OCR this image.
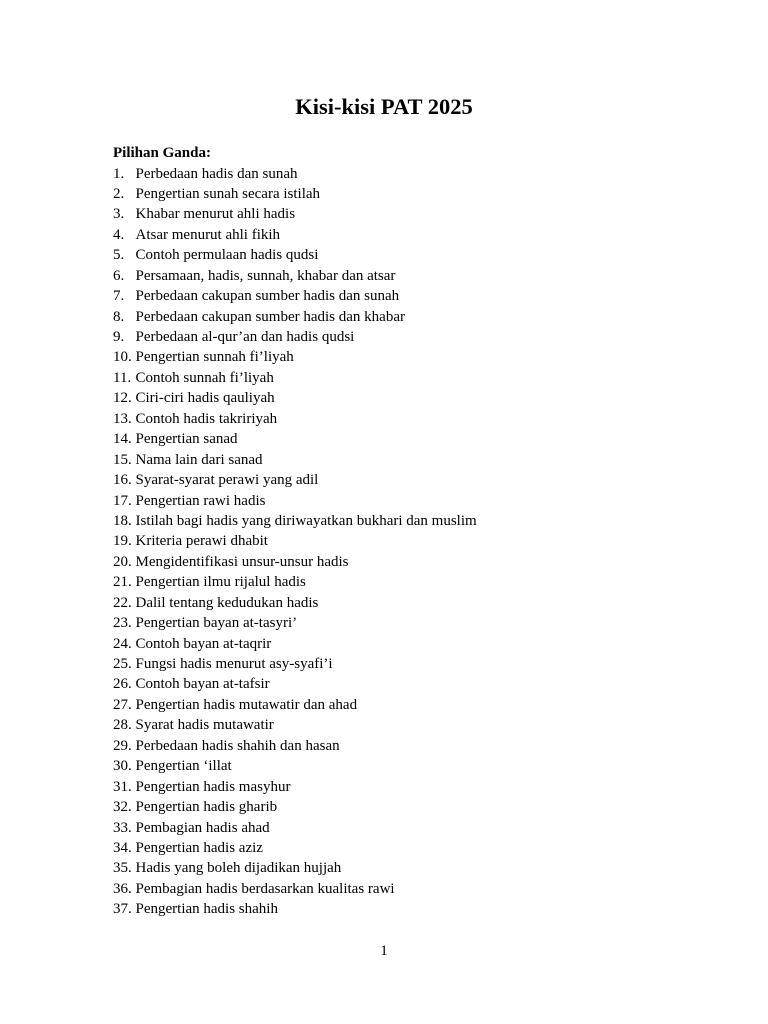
Kisi-kisi PAT 2025

Pilihan Ganda:

1. Perbedaan hadis dan sunah
2. Pengertian sunah secara istilah
3. Khabar menurut ahli hadis
4. Atsar menurut ahli fikih
5. Contoh permulaan hadis qudsi
6. Persamaan, hadis, sunnah, khabar dan atsar
7. Perbedaan cakupan sumber hadis dan sunah
8. Perbedaan cakupan sumber hadis dan khabar
9. Perbedaan al-qur’an dan hadis qudsi
10. Pengertian sunnah fi’liyah
11. Contoh sunnah fi’liyah
12. Ciri-ciri hadis qauliyah
13. Contoh hadis takririyah
14. Pengertian sanad
15. Nama lain dari sanad
16. Syarat-syarat perawi yang adil
17. Pengertian rawi hadis
18. Istilah bagi hadis yang diriwayatkan bukhari dan muslim
19. Kriteria perawi dhabit
20. Mengidentifikasi unsur-unsur hadis
21. Pengertian ilmu rijalul hadis
22. Dalil tentang kedudukan hadis
23. Pengertian bayan at-tasyri’
24. Contoh bayan at-taqrir
25. Fungsi hadis menurut asy-syafi’i
26. Contoh bayan at-tafsir
27. Pengertian hadis mutawatir dan ahad
28. Syarat hadis mutawatir
29. Perbedaan hadis shahih dan hasan
30. Pengertian ‘illat
31. Pengertian hadis masyhur
32. Pengertian hadis gharib
33. Pembagian hadis ahad
34. Pengertian hadis aziz
35. Hadis yang boleh dijadikan hujjah
36. Pembagian hadis berdasarkan kualitas rawi
37. Pengertian hadis shahih
1
